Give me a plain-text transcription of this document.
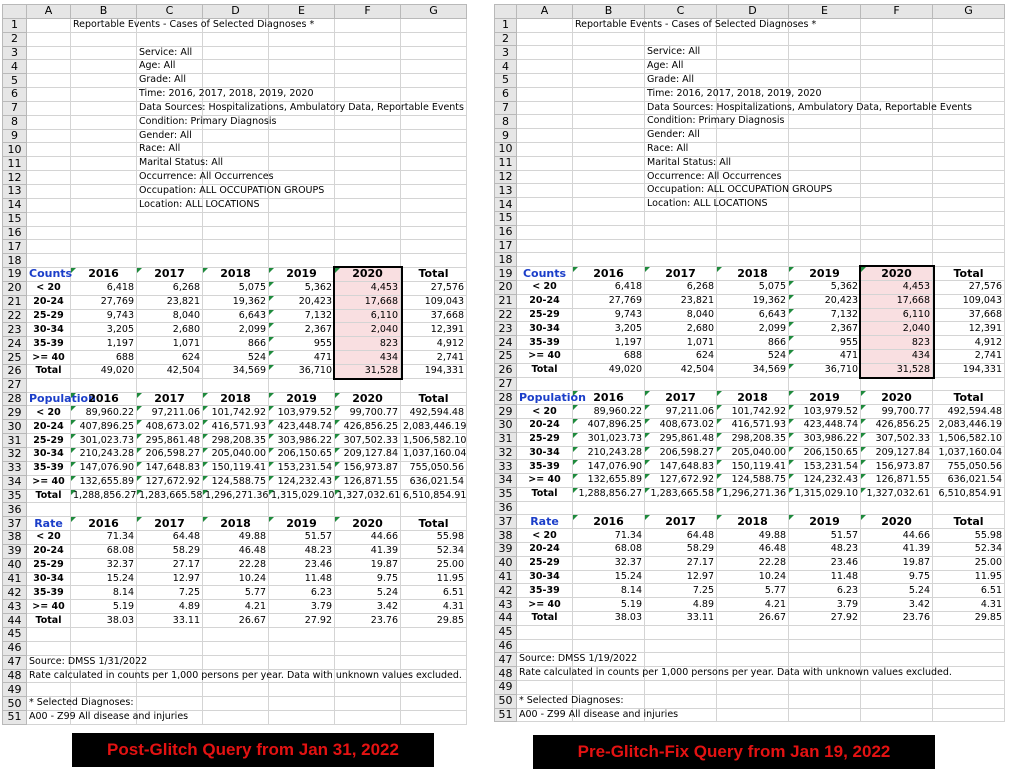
	A	B	C	D	E	F	G
1		Reportable Events - Cases of Selected Diagnoses *					

2							
3			Service: All				

4			Age: All				

5			Grade: All				

6			Time: 2016, 2017, 2018, 2019, 2020				

7			Data Sources: Hospitalizations, Ambulatory Data, Reportable Events				

8			Condition: Primary Diagnosis				

9			Gender: All				

10			Race: All				

11			Marital Status: All				

12			Occurrence: All Occurrences				

13			Occupation: ALL OCCUPATION GROUPS				

14			Location: ALL LOCATIONS				

15							
16							
17							
18							
19	Counts	2016	2017	2018	2019	2020	Total
20	< 20	6,418	6,268	5,075	5,362	4,453	27,576
21	20-24	27,769	23,821	19,362	20,423	17,668	109,043
22	25-29	9,743	8,040	6,643	7,132	6,110	37,668
23	30-34	3,205	2,680	2,099	2,367	2,040	12,391
24	35-39	1,197	1,071	866	955	823	4,912
25	>= 40	688	624	524	471	434	2,741
26	Total	49,020	42,504	34,569	36,710	31,528	194,331
27							
28	Population	2016	2017	2018	2019	2020	Total
29	< 20	89,960.22	97,211.06	101,742.92	103,979.52	99,700.77	492,594.48
30	20-24	407,896.25	408,673.02	416,571.93	423,448.74	426,856.25	2,083,446.19
31	25-29	301,023.73	295,861.48	298,208.35	303,986.22	307,502.33	1,506,582.10
32	30-34	210,243.28	206,598.27	205,040.00	206,150.65	209,127.84	1,037,160.04
33	35-39	147,076.90	147,648.83	150,119.41	153,231.54	156,973.87	755,050.56
34	>= 40	132,655.89	127,672.92	124,588.75	124,232.43	126,871.55	636,021.54
35	Total	1,288,856.27	1,283,665.58	1,296,271.36	1,315,029.10	1,327,032.61	6,510,854.91
36							
37	Rate	2016	2017	2018	2019	2020	Total
38	< 20	71.34	64.48	49.88	51.57	44.66	55.98
39	20-24	68.08	58.29	46.48	48.23	41.39	52.34
40	25-29	32.37	27.17	22.28	23.46	19.87	25.00
41	30-34	15.24	12.97	10.24	11.48	9.75	11.95
42	35-39	8.14	7.25	5.77	6.23	5.24	6.51
43	>= 40	5.19	4.89	4.21	3.79	3.42	4.31
44	Total	38.03	33.11	26.67	27.92	23.76	29.85
45							
46							
47	Source: DMSS 1/31/2022						

48	Rate calculated in counts per 1,000 persons per year. Data with unknown values excluded.						

49							
50	* Selected Diagnoses:						

51	A00 - Z99 All disease and injuries						

	A	B	C	D	E	F	G
1		Reportable Events - Cases of Selected Diagnoses *					

2							
3			Service: All				

4			Age: All				

5			Grade: All				

6			Time: 2016, 2017, 2018, 2019, 2020				

7			Data Sources: Hospitalizations, Ambulatory Data, Reportable Events				

8			Condition: Primary Diagnosis				

9			Gender: All				

10			Race: All				

11			Marital Status: All				

12			Occurrence: All Occurrences				

13			Occupation: ALL OCCUPATION GROUPS				

14			Location: ALL LOCATIONS				

15							
16							
17							
18							
19	Counts	2016	2017	2018	2019	2020	Total
20	< 20	6,418	6,268	5,075	5,362	4,453	27,576
21	20-24	27,769	23,821	19,362	20,423	17,668	109,043
22	25-29	9,743	8,040	6,643	7,132	6,110	37,668
23	30-34	3,205	2,680	2,099	2,367	2,040	12,391
24	35-39	1,197	1,071	866	955	823	4,912
25	>= 40	688	624	524	471	434	2,741
26	Total	49,020	42,504	34,569	36,710	31,528	194,331
27							
28	Population	2016	2017	2018	2019	2020	Total
29	< 20	89,960.22	97,211.06	101,742.92	103,979.52	99,700.77	492,594.48
30	20-24	407,896.25	408,673.02	416,571.93	423,448.74	426,856.25	2,083,446.19
31	25-29	301,023.73	295,861.48	298,208.35	303,986.22	307,502.33	1,506,582.10
32	30-34	210,243.28	206,598.27	205,040.00	206,150.65	209,127.84	1,037,160.04
33	35-39	147,076.90	147,648.83	150,119.41	153,231.54	156,973.87	755,050.56
34	>= 40	132,655.89	127,672.92	124,588.75	124,232.43	126,871.55	636,021.54
35	Total	1,288,856.27	1,283,665.58	1,296,271.36	1,315,029.10	1,327,032.61	6,510,854.91
36							
37	Rate	2016	2017	2018	2019	2020	Total
38	< 20	71.34	64.48	49.88	51.57	44.66	55.98
39	20-24	68.08	58.29	46.48	48.23	41.39	52.34
40	25-29	32.37	27.17	22.28	23.46	19.87	25.00
41	30-34	15.24	12.97	10.24	11.48	9.75	11.95
42	35-39	8.14	7.25	5.77	6.23	5.24	6.51
43	>= 40	5.19	4.89	4.21	3.79	3.42	4.31
44	Total	38.03	33.11	26.67	27.92	23.76	29.85
45							
46							
47	Source: DMSS 1/19/2022						

48	Rate calculated in counts per 1,000 persons per year. Data with unknown values excluded.						

49							
50	* Selected Diagnoses:						

51	A00 - Z99 All disease and injuries						

Post-Glitch Query from Jan 31, 2022	Pre-Glitch-Fix Query from Jan 19, 2022
